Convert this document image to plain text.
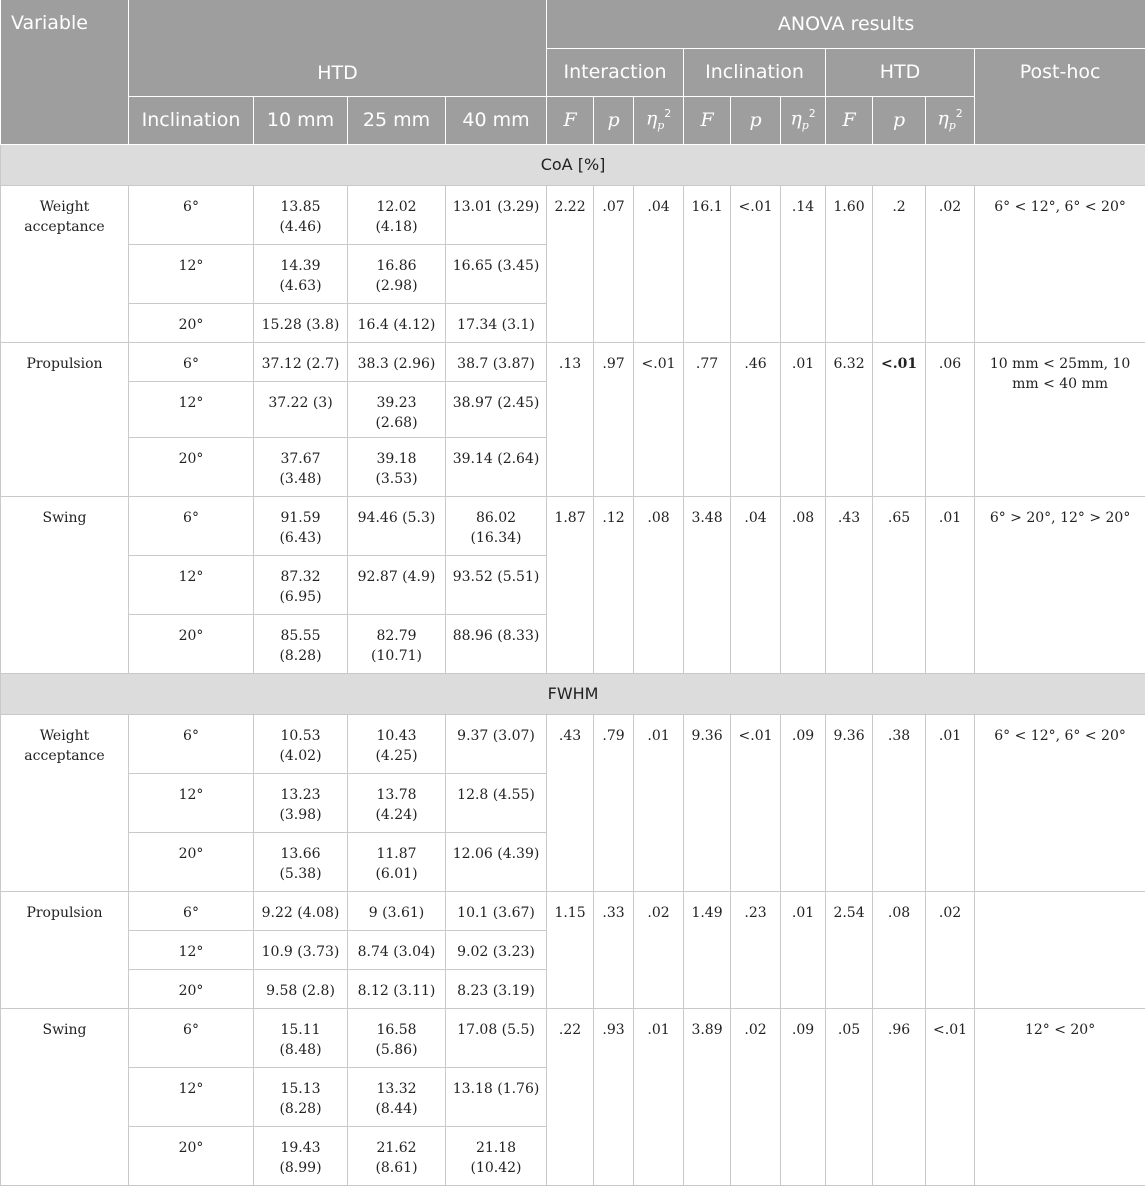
Variable	HTD				ANOVA results									
					Interaction			Inclination			HTD			Post-hoc
	Inclination	10 mm	25 mm	40 mm	F	p	$\eta_p^2$	F	p	$\eta_p^2$	F	p	$\eta_p^2$
CoA [%]														
Weight acceptance	6°	13.85 (4.46)	12.02 (4.18)	13.01 (3.29)	2.22	.07	.04	16.1	<.01	.14	1.60	.2	.02	6° < 12°, 6° < 20°
	12°	14.39 (4.63)	16.86 (2.98)	16.65 (3.45)										
	20°	15.28 (3.8)	16.4 (4.12)	17.34 (3.1)										
Propulsion	6°	37.12 (2.7)	38.3 (2.96)	38.7 (3.87)	.13	.97	<.01	.77	.46	.01	6.32	<.01	.06	10 mm < 25mm, 10 mm < 40 mm
	12°	37.22 (3)	39.23 (2.68)	38.97 (2.45)										
	20°	37.67 (3.48)	39.18 (3.53)	39.14 (2.64)										
Swing	6°	91.59 (6.43)	94.46 (5.3)	86.02 (16.34)	1.87	.12	.08	3.48	.04	.08	.43	.65	.01	6° > 20°, 12° > 20°
	12°	87.32 (6.95)	92.87 (4.9)	93.52 (5.51)										
	20°	85.55 (8.28)	82.79 (10.71)	88.96 (8.33)										
FWHM														
Weight acceptance	6°	10.53 (4.02)	10.43 (4.25)	9.37 (3.07)	.43	.79	.01	9.36	<.01	.09	9.36	.38	.01	6° < 12°, 6° < 20°
	12°	13.23 (3.98)	13.78 (4.24)	12.8 (4.55)										
	20°	13.66 (5.38)	11.87 (6.01)	12.06 (4.39)										
Propulsion	6°	9.22 (4.08)	9 (3.61)	10.1 (3.67)	1.15	.33	.02	1.49	.23	.01	2.54	.08	.02	
	12°	10.9 (3.73)	8.74 (3.04)	9.02 (3.23)										
	20°	9.58 (2.8)	8.12 (3.11)	8.23 (3.19)										
Swing	6°	15.11 (8.48)	16.58 (5.86)	17.08 (5.5)	.22	.93	.01	3.89	.02	.09	.05	.96	<.01	12° < 20°
	12°	15.13 (8.28)	13.32 (8.44)	13.18 (1.76)										
	20°	19.43 (8.99)	21.62 (8.61)	21.18 (10.42)										
